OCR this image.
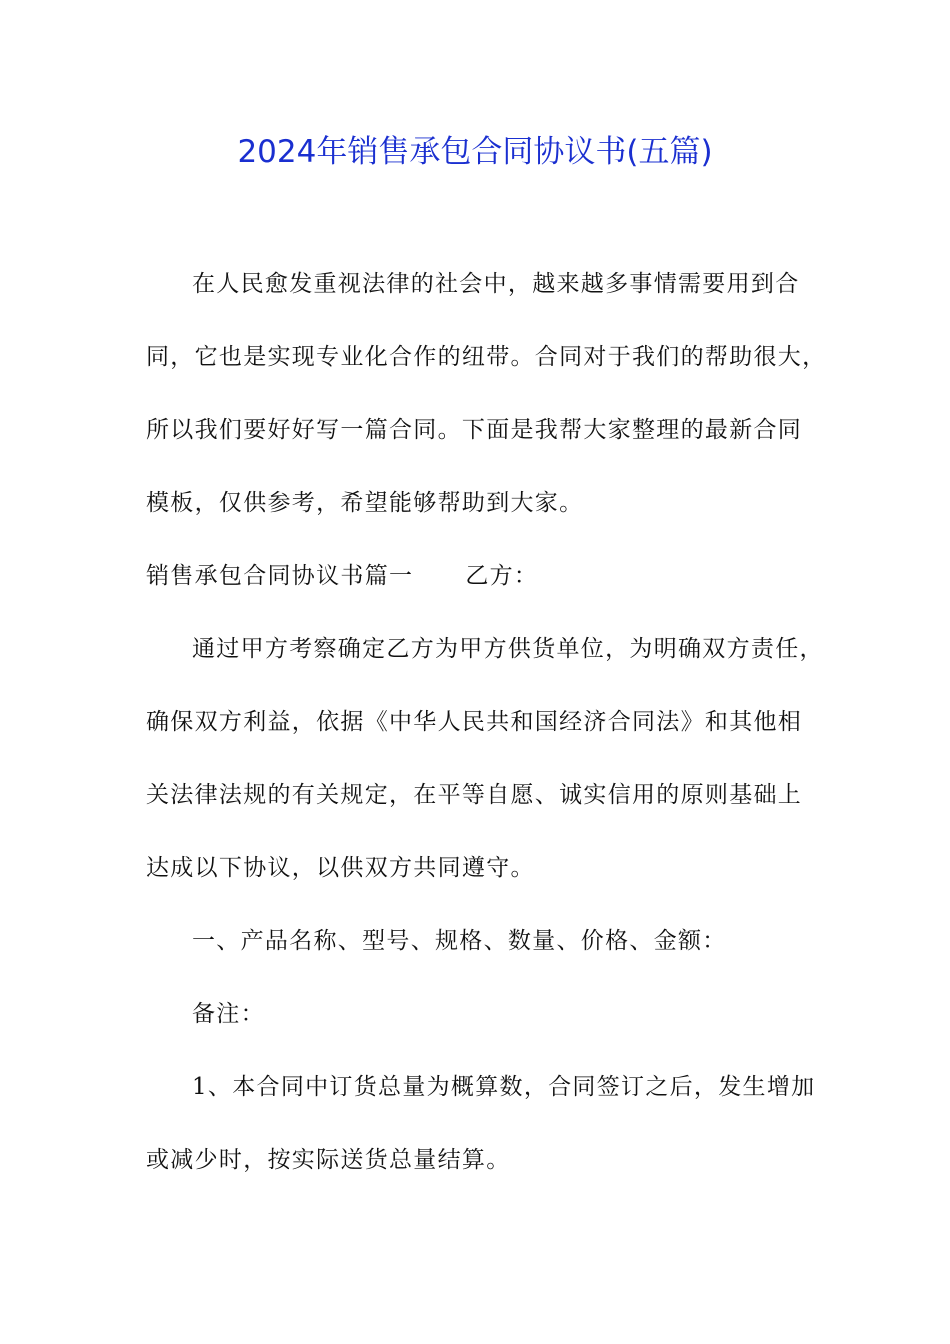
2024年销售承包合同协议书(五篇)
在人民愈发重视法律的社会中，越来越多事情需要用到合
同，它也是实现专业化合作的纽带。合同对于我们的帮助很大，
所以我们要好好写一篇合同。下面是我帮大家整理的最新合同
模板，仅供参考，希望能够帮助到大家。
销售承包合同协议书篇一 乙方：
通过甲方考察确定乙方为甲方供货单位，为明确双方责任，
确保双方利益，依据《中华人民共和国经济合同法》和其他相
关法律法规的有关规定，在平等自愿、诚实信用的原则基础上
达成以下协议，以供双方共同遵守。
一、产品名称、型号、规格、数量、价格、金额：
备注：
1、本合同中订货总量为概算数，合同签订之后，发生增加
或减少时，按实际送货总量结算。
